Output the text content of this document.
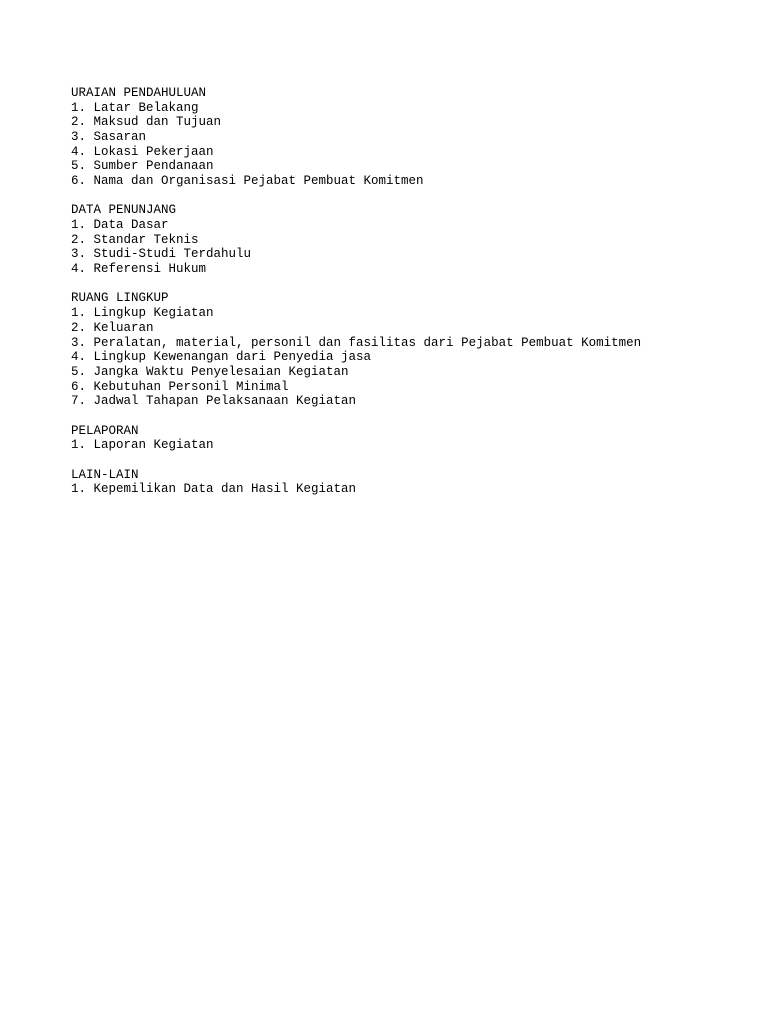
URAIAN PENDAHULUAN
1. Latar Belakang
2. Maksud dan Tujuan
3. Sasaran
4. Lokasi Pekerjaan
5. Sumber Pendanaan
6. Nama dan Organisasi Pejabat Pembuat Komitmen
DATA PENUNJANG
1. Data Dasar
2. Standar Teknis
3. Studi-Studi Terdahulu
4. Referensi Hukum
RUANG LINGKUP
1. Lingkup Kegiatan
2. Keluaran
3. Peralatan, material, personil dan fasilitas dari Pejabat Pembuat Komitmen
4. Lingkup Kewenangan dari Penyedia jasa
5. Jangka Waktu Penyelesaian Kegiatan
6. Kebutuhan Personil Minimal
7. Jadwal Tahapan Pelaksanaan Kegiatan
PELAPORAN
1. Laporan Kegiatan
LAIN-LAIN
1. Kepemilikan Data dan Hasil Kegiatan
